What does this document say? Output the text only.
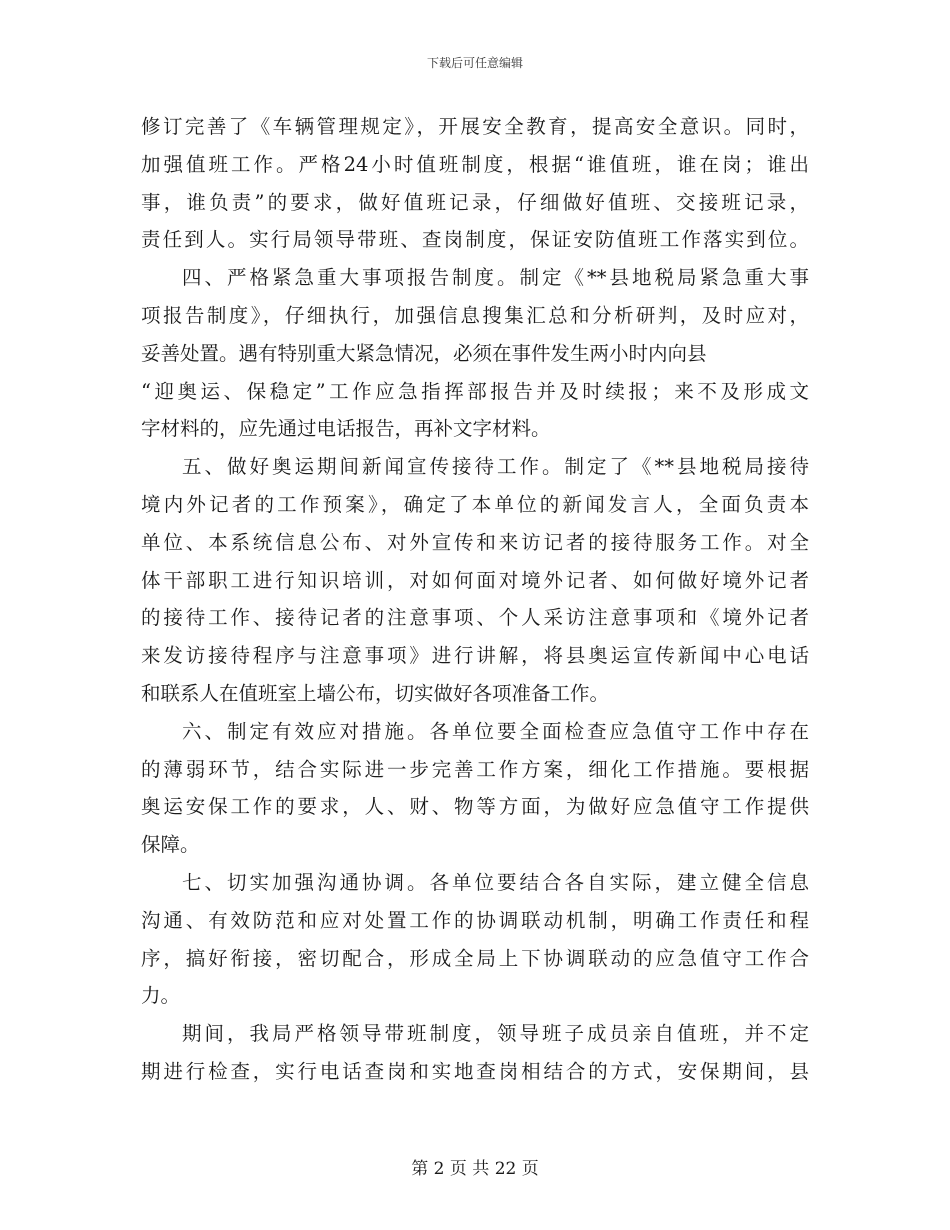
下载后可任意编辑

修订完善了《车辆管理规定》，开展安全教育，提高安全意识。同时，
加强值班工作。严格24小时值班制度，根据“谁值班，谁在岗；谁出
事，谁负责”的要求，做好值班记录，仔细做好值班、交接班记录，
责任到人。实行局领导带班、查岗制度，保证安防值班工作落实到位。

四、严格紧急重大事项报告制度。制定《**县地税局紧急重大事
项报告制度》，仔细执行，加强信息搜集汇总和分析研判，及时应对，
妥善处置。遇有特别重大紧急情况，必须在事件发生两小时内向县
“迎奥运、保稳定”工作应急指挥部报告并及时续报；来不及形成文
字材料的，应先通过电话报告，再补文字材料。

五、做好奥运期间新闻宣传接待工作。制定了《**县地税局接待
境内外记者的工作预案》，确定了本单位的新闻发言人，全面负责本
单位、本系统信息公布、对外宣传和来访记者的接待服务工作。对全
体干部职工进行知识培训，对如何面对境外记者、如何做好境外记者
的接待工作、接待记者的注意事项、个人采访注意事项和《境外记者
来发访接待程序与注意事项》进行讲解，将县奥运宣传新闻中心电话
和联系人在值班室上墙公布，切实做好各项准备工作。

六、制定有效应对措施。各单位要全面检查应急值守工作中存在
的薄弱环节，结合实际进一步完善工作方案，细化工作措施。要根据
奥运安保工作的要求，人、财、物等方面，为做好应急值守工作提供
保障。

七、切实加强沟通协调。各单位要结合各自实际，建立健全信息
沟通、有效防范和应对处置工作的协调联动机制，明确工作责任和程
序，搞好衔接，密切配合，形成全局上下协调联动的应急值守工作合
力。

期间，我局严格领导带班制度，领导班子成员亲自值班，并不定
期进行检查，实行电话查岗和实地查岗相结合的方式，安保期间，县

第 2 页 共 22 页
